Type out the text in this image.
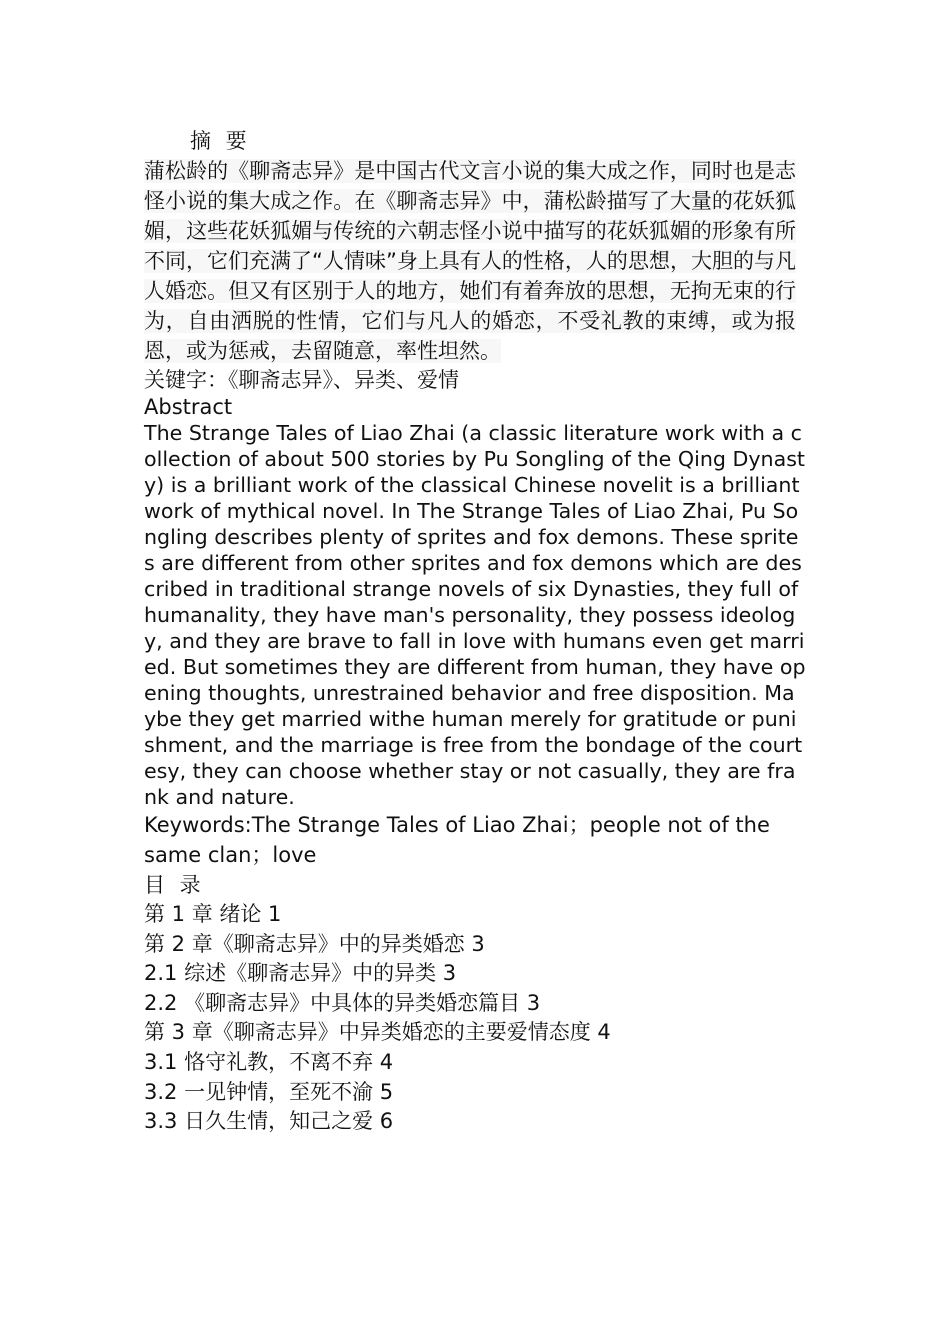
摘 要

蒲松龄的《聊斋志异》是中国古代文言小说的集大成之作，同时也是志怪小说的集大成之作。在《聊斋志异》中，蒲松龄描写了大量的花妖狐媚，这些花妖狐媚与传统的六朝志怪小说中描写的花妖狐媚的形象有所不同，它们充满了“人情味”身上具有人的性格，人的思想，大胆的与凡人婚恋。但又有区别于人的地方，她们有着奔放的思想，无拘无束的行为，自由洒脱的性情，它们与凡人的婚恋，不受礼教的束缚，或为报恩，或为惩戒，去留随意，率性坦然。

关键字：《聊斋志异》、异类、爱情

Abstract

The Strange Tales of Liao Zhai (a classic literature work with a collection of about 500 stories by Pu Songling of the Qing Dynasty) is a brilliant work of the classical Chinese novelit is a brilliant work of mythical novel. In The Strange Tales of Liao Zhai, Pu Songling describes plenty of sprites and fox demons. These sprites are different from other sprites and fox demons which are described in traditional strange novels of six Dynasties, they full of humanality, they have man's personality, they possess ideology, and they are brave to fall in love with humans even get married. But sometimes they are different from human, they have opening thoughts, unrestrained behavior and free disposition. Maybe they get married withe human merely for gratitude or punishment, and the marriage is free from the bondage of the courtesy, they can choose whether stay or not casually, they are frank and nature.

Keywords:The Strange Tales of Liao Zhai；people not of the same clan；love

目 录

第 1 章 绪论 1

第 2 章《聊斋志异》中的异类婚恋 3

2.1 综述《聊斋志异》中的异类 3

2.2 《聊斋志异》中具体的异类婚恋篇目 3

第 3 章《聊斋志异》中异类婚恋的主要爱情态度 4

3.1 恪守礼教，不离不弃 4

3.2 一见钟情，至死不渝 5

3.3 日久生情，知己之爱 6
